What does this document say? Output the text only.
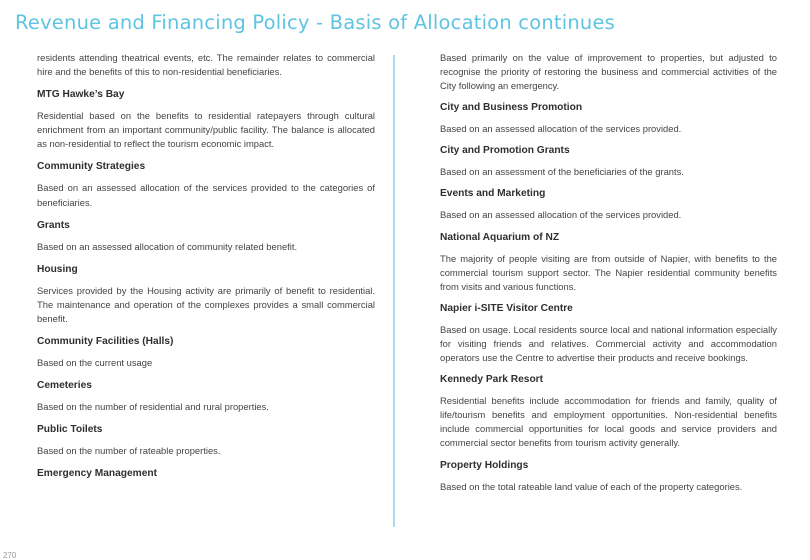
Revenue and Financing Policy - Basis of Allocation continues

residents attending theatrical events, etc. The remainder relates to commercial hire and the benefits of this to non-residential beneficiaries.

MTG Hawke’s Bay

Residential based on the benefits to residential ratepayers through cultural enrichment from an important community/public facility. The balance is allocated as non-residential to reflect the tourism economic impact.

Community Strategies

Based on an assessed allocation of the services provided to the categories of beneficiaries.

Grants

Based on an assessed allocation of community related benefit.

Housing

Services provided by the Housing activity are primarily of benefit to residential. The maintenance and operation of the complexes provides a small commercial benefit.

Community Facilities (Halls)

Based on the current usage

Cemeteries

Based on the number of residential and rural properties.

Public Toilets

Based on the number of rateable properties.

Emergency Management

Based primarily on the value of improvement to properties, but adjusted to recognise the priority of restoring the business and commercial activities of the City following an emergency.

City and Business Promotion

Based on an assessed allocation of the services provided.

City and Promotion Grants

Based on an assessment of the beneficiaries of the grants.

Events and Marketing

Based on an assessed allocation of the services provided.

National Aquarium of NZ

The majority of people visiting are from outside of Napier, with benefits to the commercial tourism support sector. The Napier residential community benefits from visits and various functions.

Napier i-SITE Visitor Centre

Based on usage. Local residents source local and national information especially for visiting friends and relatives. Commercial activity and accommodation operators use the Centre to advertise their products and receive bookings.

Kennedy Park Resort

Residential benefits include accommodation for friends and family, quality of life/tourism benefits and employment opportunities. Non-residential benefits include commercial opportunities for local goods and service providers and commercial sector benefits from tourism activity generally.

Property Holdings

Based on the total rateable land value of each of the property categories.

270
